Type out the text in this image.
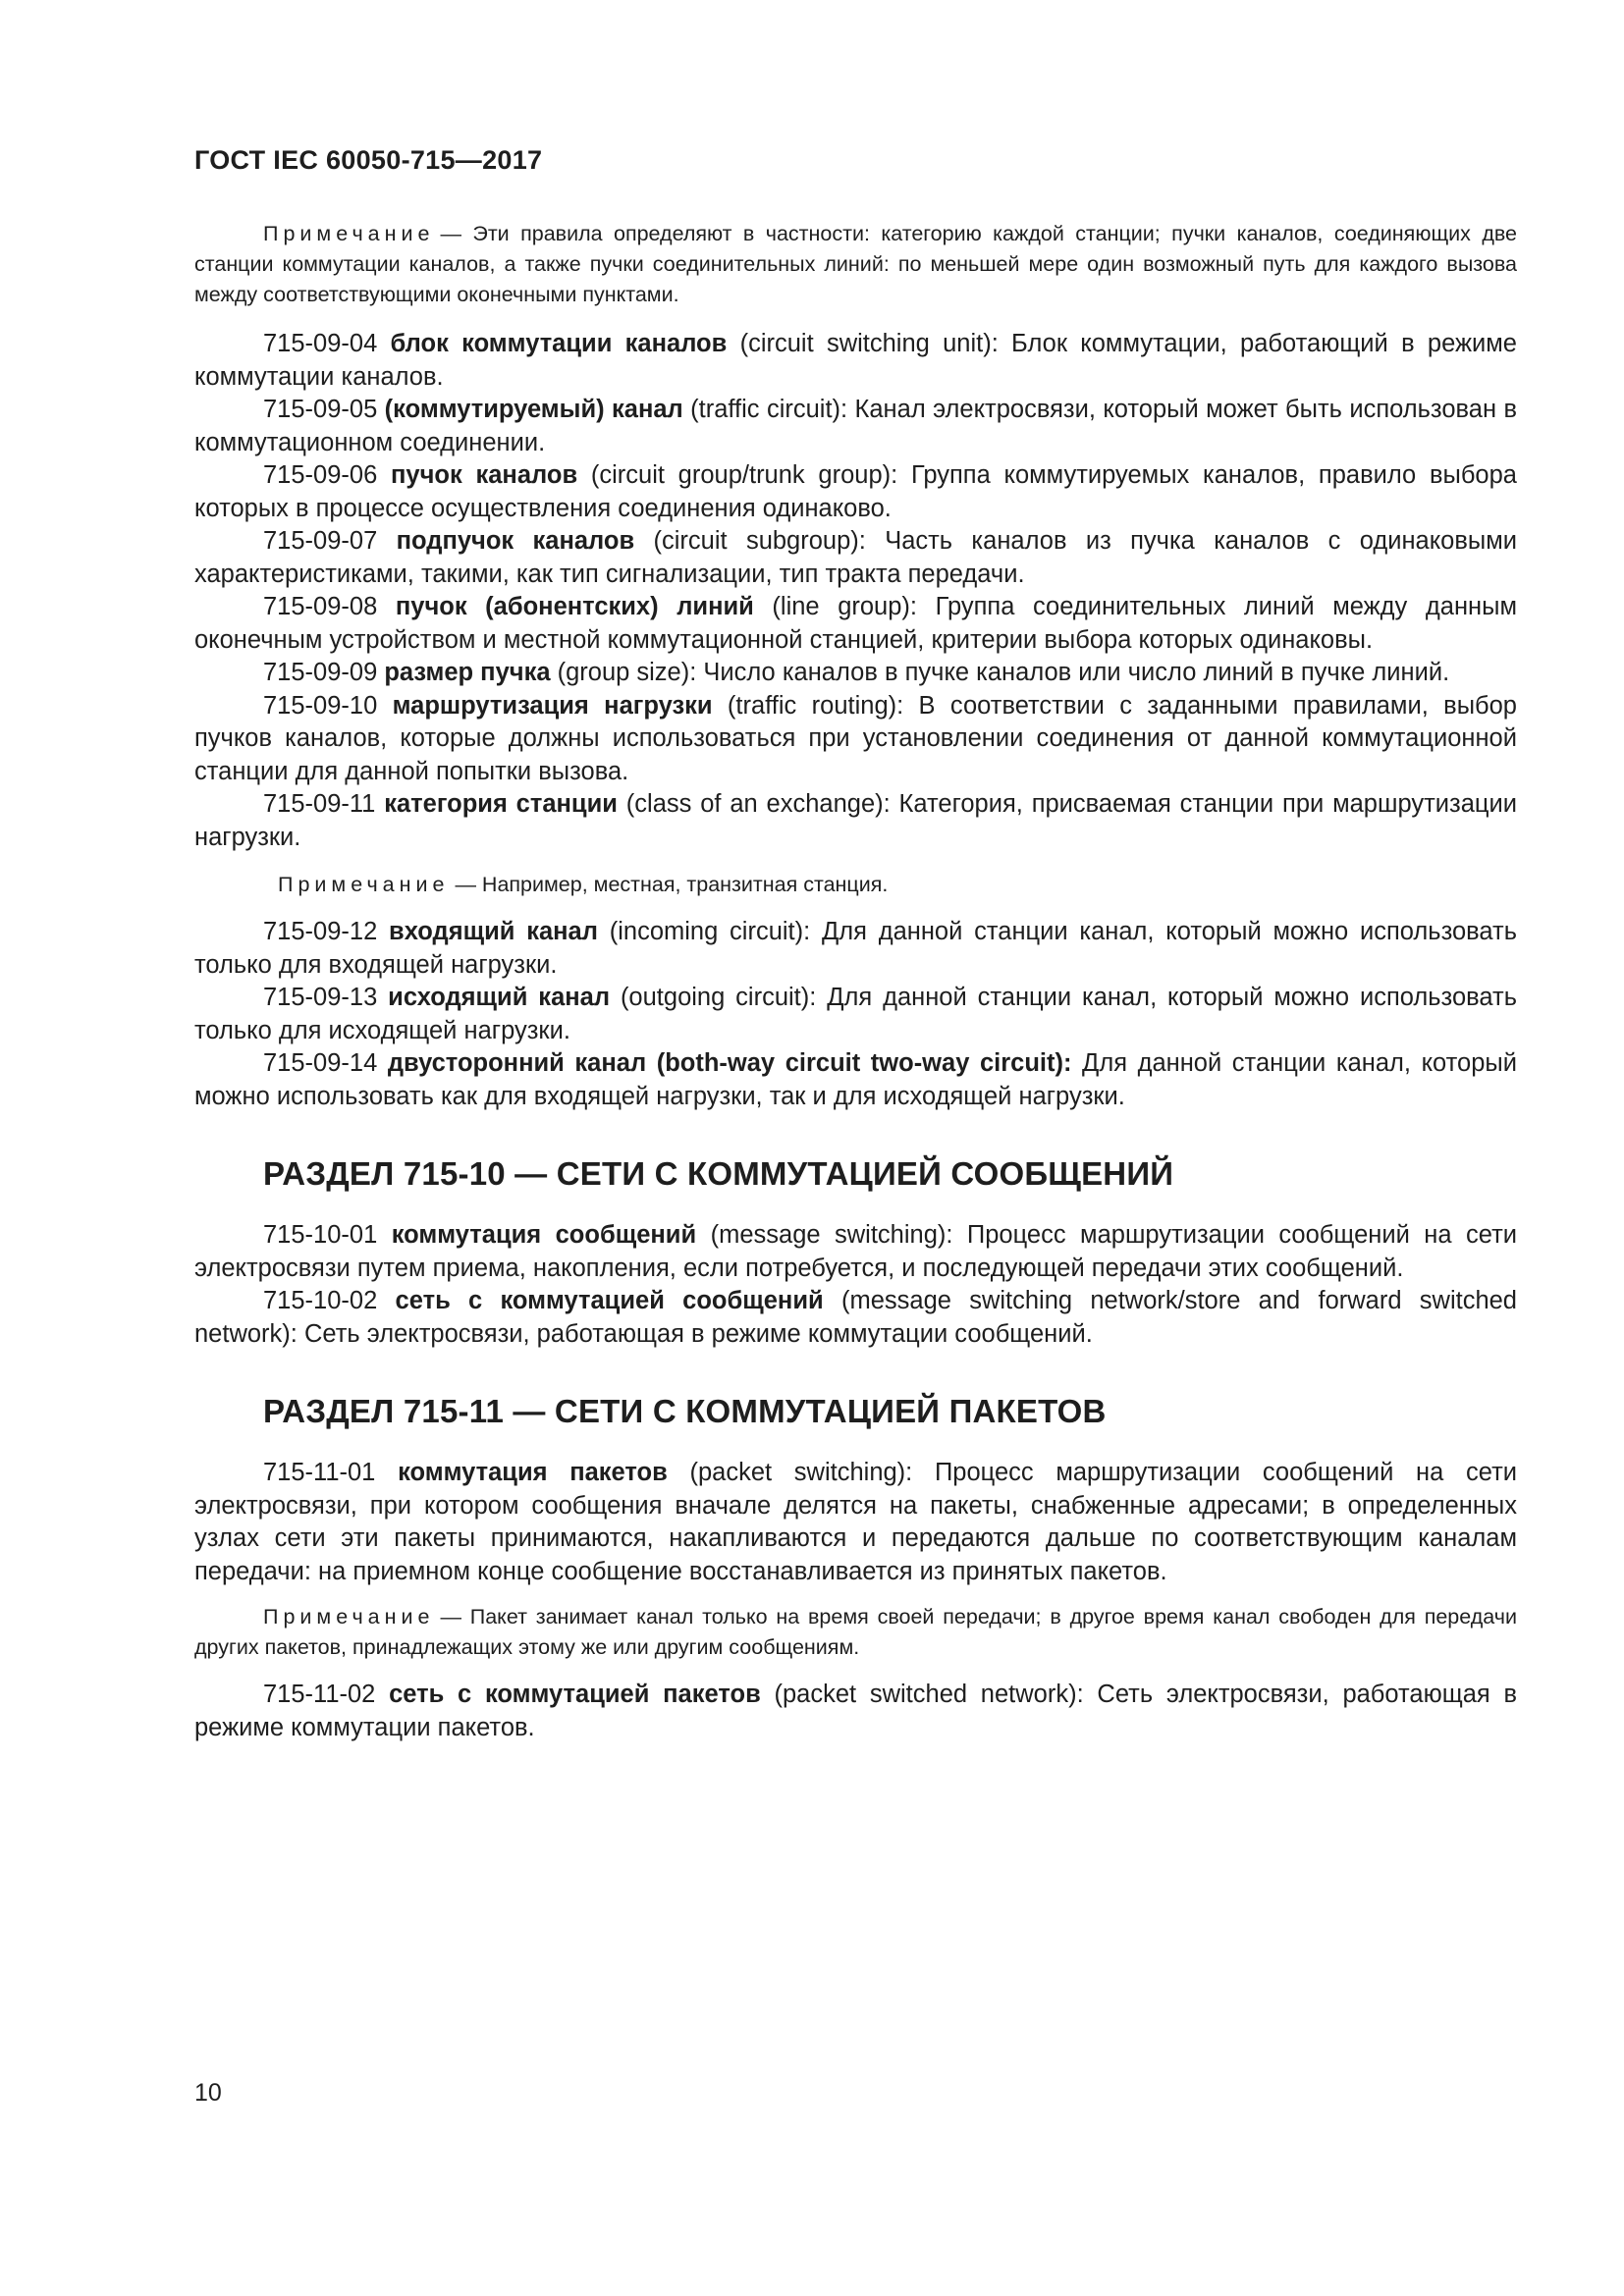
ГОСТ IEC 60050-715—2017

Примечание — Эти правила определяют в частности: категорию каждой станции; пучки каналов, соединяющих две станции коммутации каналов, а также пучки соединительных линий: по меньшей мере один возможный путь для каждого вызова между соответствующими оконечными пунктами.

715-09-04 блок коммутации каналов (circuit switching unit): Блок коммутации, работающий в режиме коммутации каналов.

715-09-05 (коммутируемый) канал (traffic circuit): Канал электросвязи, который может быть использован в коммутационном соединении.

715-09-06 пучок каналов (circuit group/trunk group): Группа коммутируемых каналов, правило выбора которых в процессе осуществления соединения одинаково.

715-09-07 подпучок каналов (circuit subgroup): Часть каналов из пучка каналов с одинаковыми характеристиками, такими, как тип сигнализации, тип тракта передачи.

715-09-08 пучок (абонентских) линий (line group): Группа соединительных линий между данным оконечным устройством и местной коммутационной станцией, критерии выбора которых одинаковы.

715-09-09 размер пучка (group size): Число каналов в пучке каналов или число линий в пучке линий.

715-09-10 маршрутизация нагрузки (traffic routing): В соответствии с заданными правилами, выбор пучков каналов, которые должны использоваться при установлении соединения от данной коммутационной станции для данной попытки вызова.

715-09-11 категория станции (class of an exchange): Категория, присваемая станции при маршрутизации нагрузки.

Примечание — Например, местная, транзитная станция.

715-09-12 входящий канал (incoming circuit): Для данной станции канал, который можно использовать только для входящей нагрузки.

715-09-13 исходящий канал (outgoing circuit): Для данной станции канал, который можно использовать только для исходящей нагрузки.

715-09-14 двусторонний канал (both-way circuit two-way circuit): Для данной станции канал, который можно использовать как для входящей нагрузки, так и для исходящей нагрузки.

РАЗДЕЛ 715-10 — СЕТИ С КОММУТАЦИЕЙ СООБЩЕНИЙ

715-10-01 коммутация сообщений (message switching): Процесс маршрутизации сообщений на сети электросвязи путем приема, накопления, если потребуется, и последующей передачи этих сообщений.

715-10-02 сеть с коммутацией сообщений (message switching network/store and forward switched network): Сеть электросвязи, работающая в режиме коммутации сообщений.

РАЗДЕЛ 715-11 — СЕТИ С КОММУТАЦИЕЙ ПАКЕТОВ

715-11-01 коммутация пакетов (packet switching): Процесс маршрутизации сообщений на сети электросвязи, при котором сообщения вначале делятся на пакеты, снабженные адресами; в определенных узлах сети эти пакеты принимаются, накапливаются и передаются дальше по соответствующим каналам передачи: на приемном конце сообщение восстанавливается из принятых пакетов.

Примечание — Пакет занимает канал только на время своей передачи; в другое время канал свободен для передачи других пакетов, принадлежащих этому же или другим сообщениям.

715-11-02 сеть с коммутацией пакетов (packet switched network): Сеть электросвязи, работающая в режиме коммутации пакетов.

10
